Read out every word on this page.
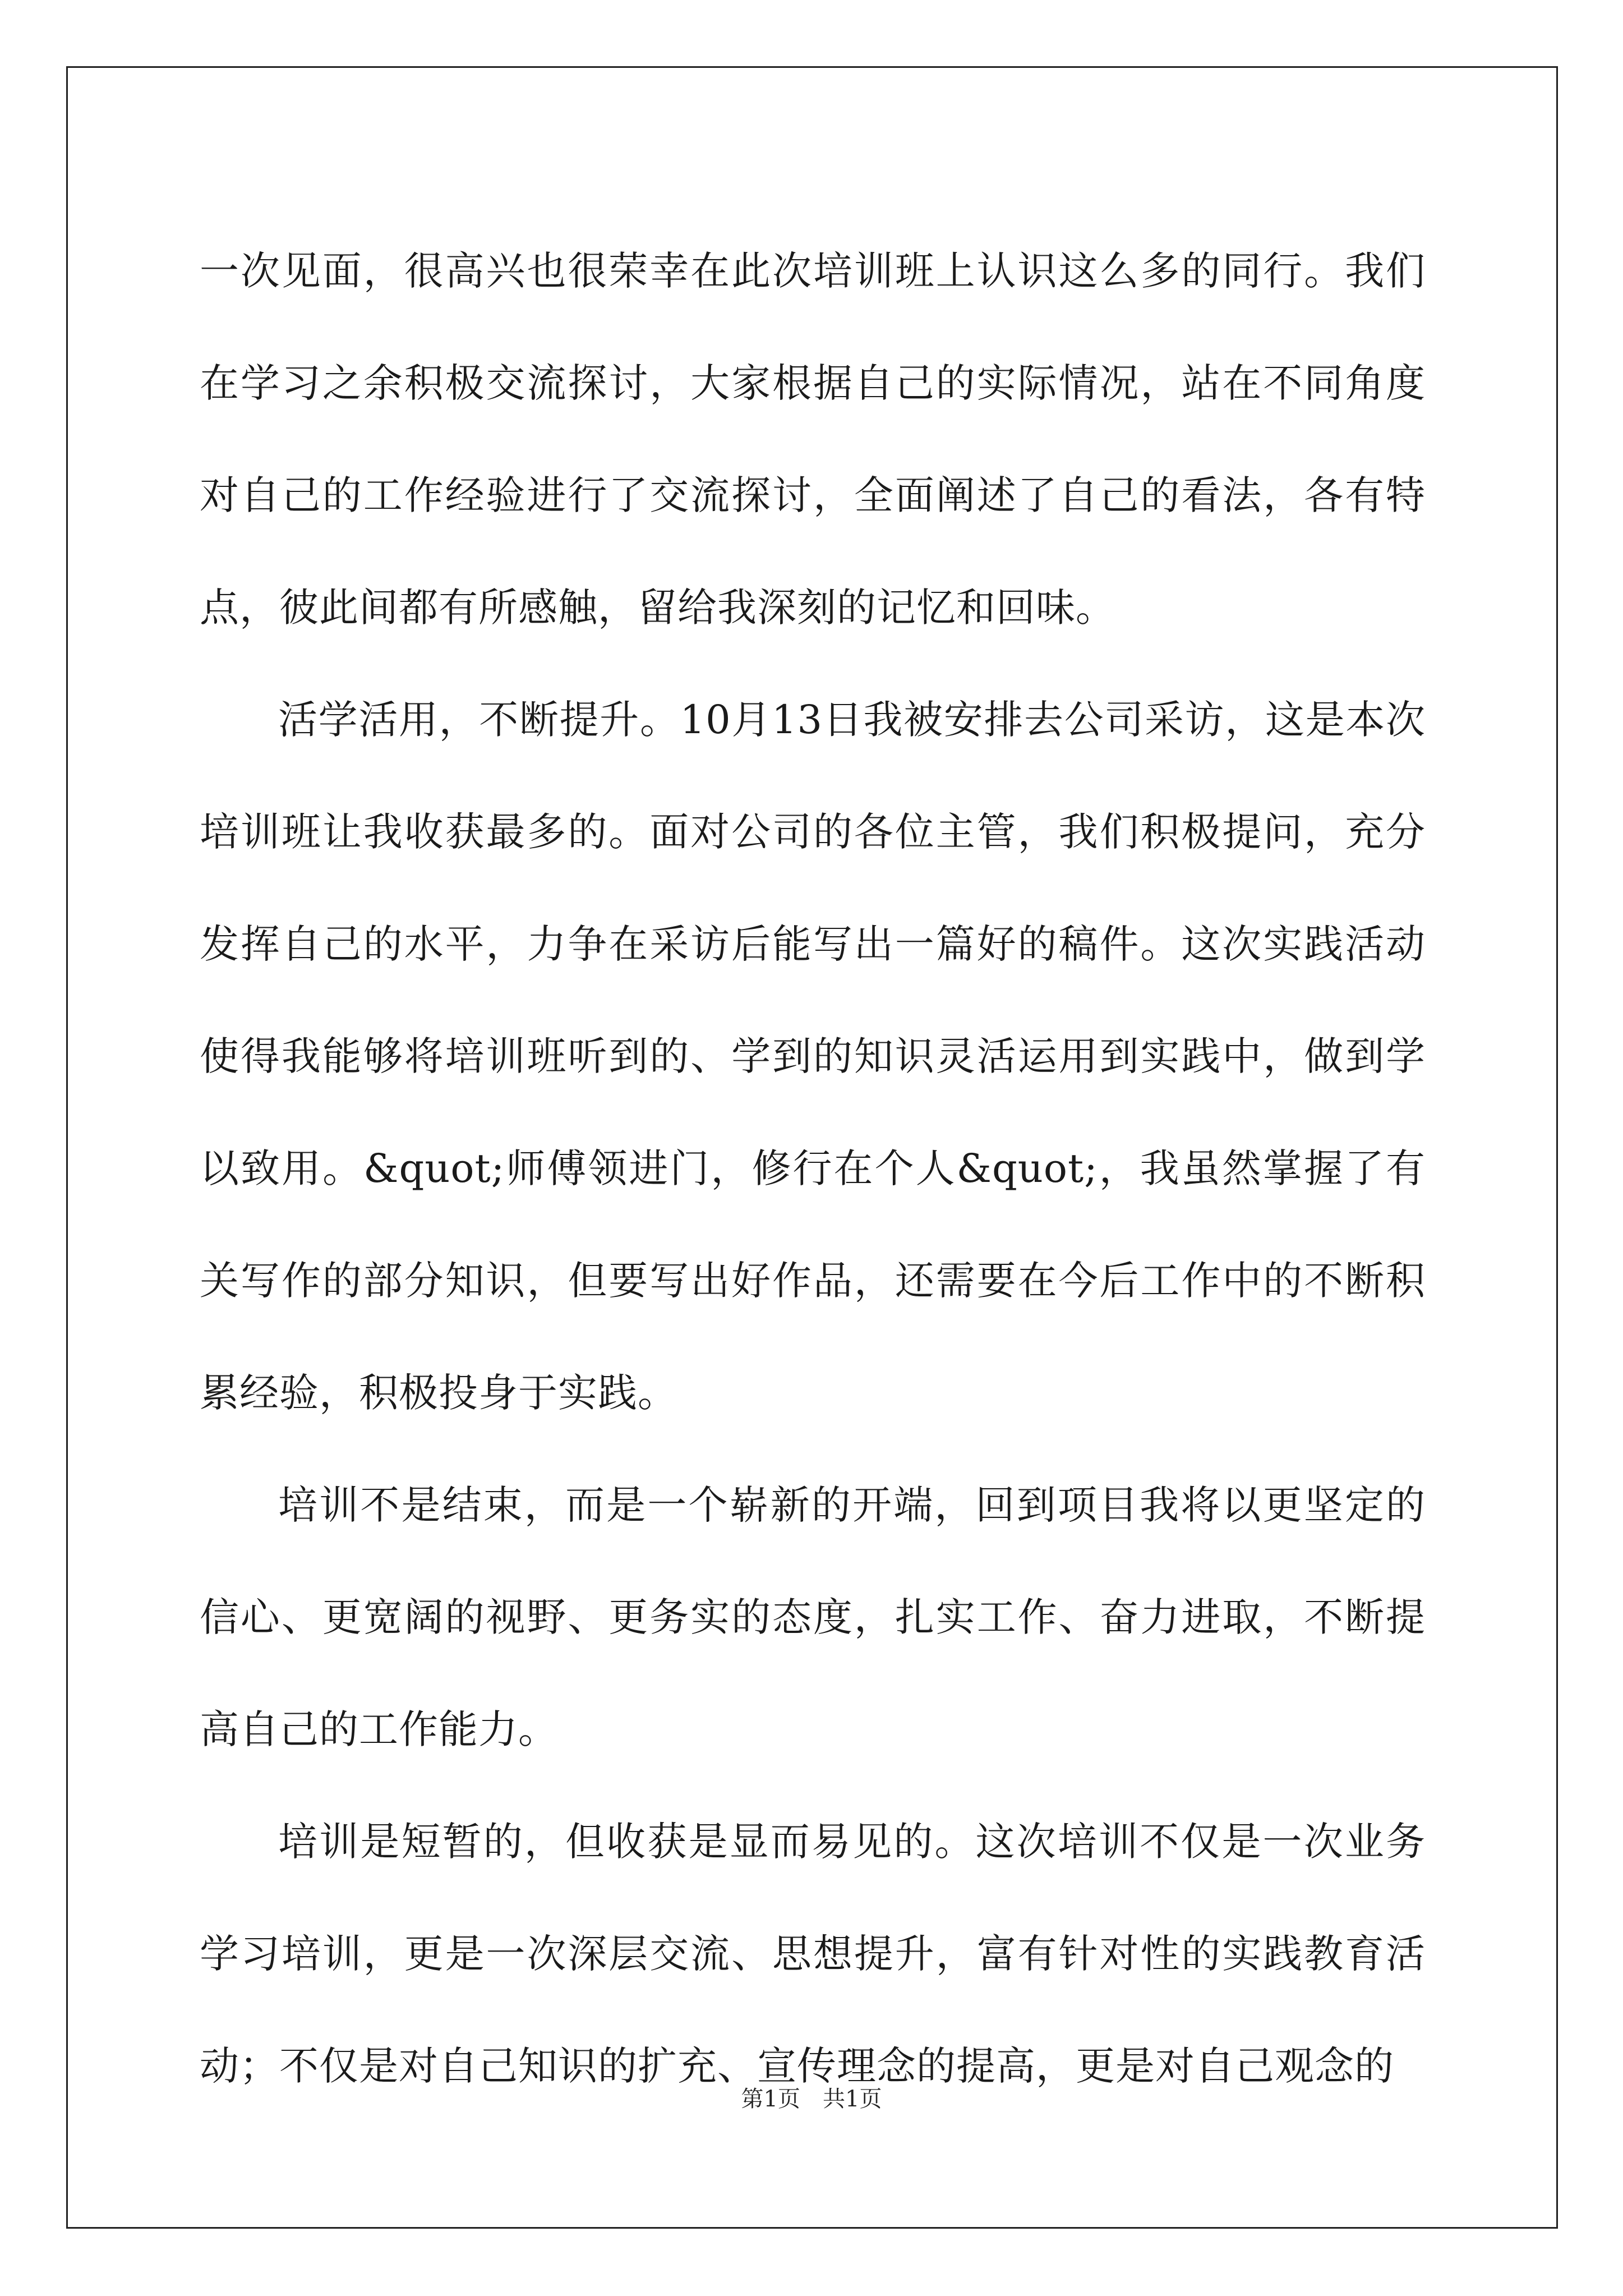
一次见面，很高兴也很荣幸在此次培训班上认识这么多的同行。我们在学习之余积极交流探讨，大家根据自己的实际情况，站在不同角度对自己的工作经验进行了交流探讨，全面阐述了自己的看法，各有特点，彼此间都有所感触，留给我深刻的记忆和回味。

活学活用，不断提升。10月13日我被安排去公司采访，这是本次培训班让我收获最多的。面对公司的各位主管，我们积极提问，充分发挥自己的水平，力争在采访后能写出一篇好的稿件。这次实践活动使得我能够将培训班听到的、学到的知识灵活运用到实践中，做到学以致用。&quot;师傅领进门，修行在个人&quot;，我虽然掌握了有关写作的部分知识，但要写出好作品，还需要在今后工作中的不断积累经验，积极投身于实践。

培训不是结束，而是一个崭新的开端，回到项目我将以更坚定的信心、更宽阔的视野、更务实的态度，扎实工作、奋力进取，不断提高自己的工作能力。

培训是短暂的，但收获是显而易见的。这次培训不仅是一次业务学习培训，更是一次深层交流、思想提升，富有针对性的实践教育活动；不仅是对自己知识的扩充、宣传理念的提高，更是对自己观念的

第1页　共1页
